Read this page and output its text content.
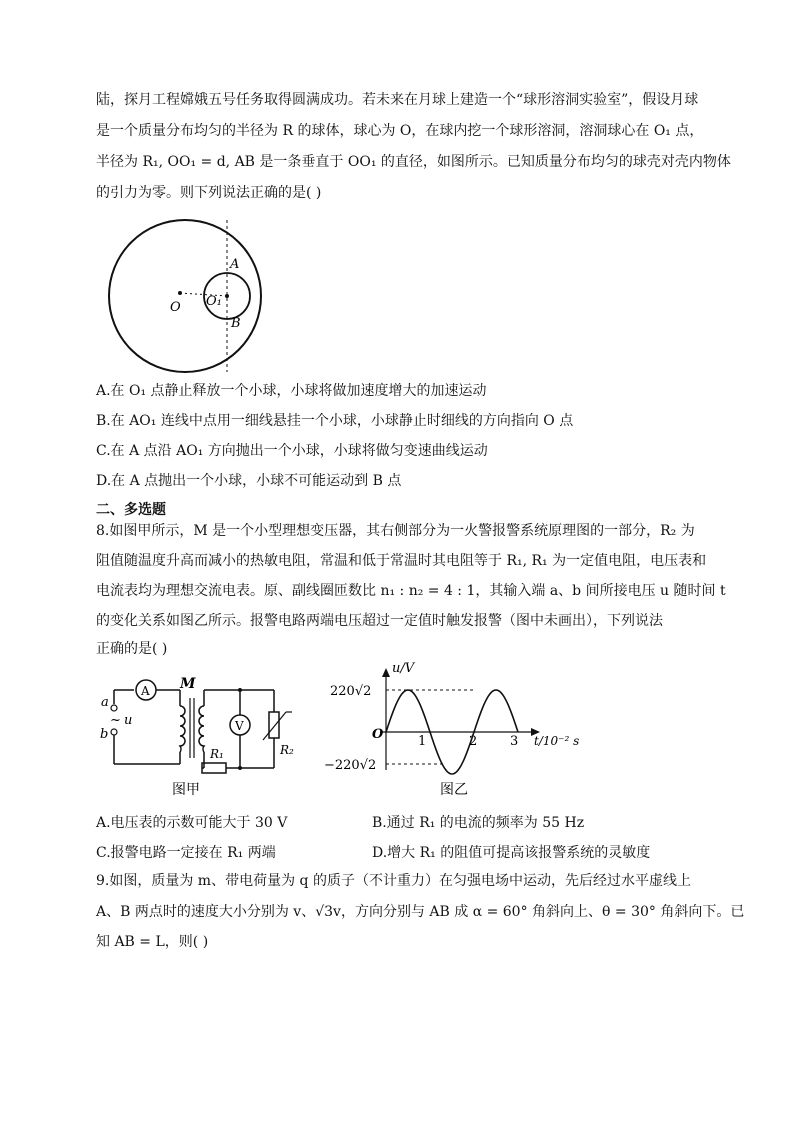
陆，探月工程嫦娥五号任务取得圆满成功。若未来在月球上建造一个“球形溶洞实验室”，假设月球
是一个质量分布均匀的半径为 R 的球体，球心为 O，在球内挖一个球形溶洞，溶洞球心在 O₁ 点，
半径为 R₁, OO₁ = d, AB 是一条垂直于 OO₁ 的直径，如图所示。已知质量分布均匀的球壳对壳内物体
的引力为零。则下列说法正确的是( )
O O₁
A
B
A.在 O₁ 点静止释放一个小球，小球将做加速度增大的加速运动
B.在 AO₁ 连线中点用一细线悬挂一个小球，小球静止时细线的方向指向 O 点
C.在 A 点沿 AO₁ 方向抛出一个小球，小球将做匀变速曲线运动
D.在 A 点抛出一个小球，小球不可能运动到 B 点
二、多选题
8.如图甲所示，M 是一个小型理想变压器，其右侧部分为一火警报警系统原理图的一部分，R₂ 为
阻值随温度升高而减小的热敏电阻，常温和低于常温时其电阻等于 R₁, R₁ 为一定值电阻，电压表和
电流表均为理想交流电表。原、副线圈匝数比 n₁ : n₂ = 4 : 1，其输入端 a、b 间所接电压 u 随时间 t
的变化关系如图乙所示。报警电路两端电压超过一定值时触发报警（图中未画出），下列说法
正确的是( )
A
a
b
~ u
M
R₁
V
R₂
图甲
u/V
220√2
−220√2
O	1	2	3 t/10⁻² s
图乙
A.电压表的示数可能大于 30 V	B.通过 R₁ 的电流的频率为 55 Hz
C.报警电路一定接在 R₁ 两端	D.增大 R₁ 的阻值可提高该报警系统的灵敏度
9.如图，质量为 m、带电荷量为 q 的质子（不计重力）在匀强电场中运动，先后经过水平虚线上
A、B 两点时的速度大小分别为 v、√3v，方向分别与 AB 成 α = 60° 角斜向上、θ = 30° 角斜向下。已
知 AB = L，则( )
